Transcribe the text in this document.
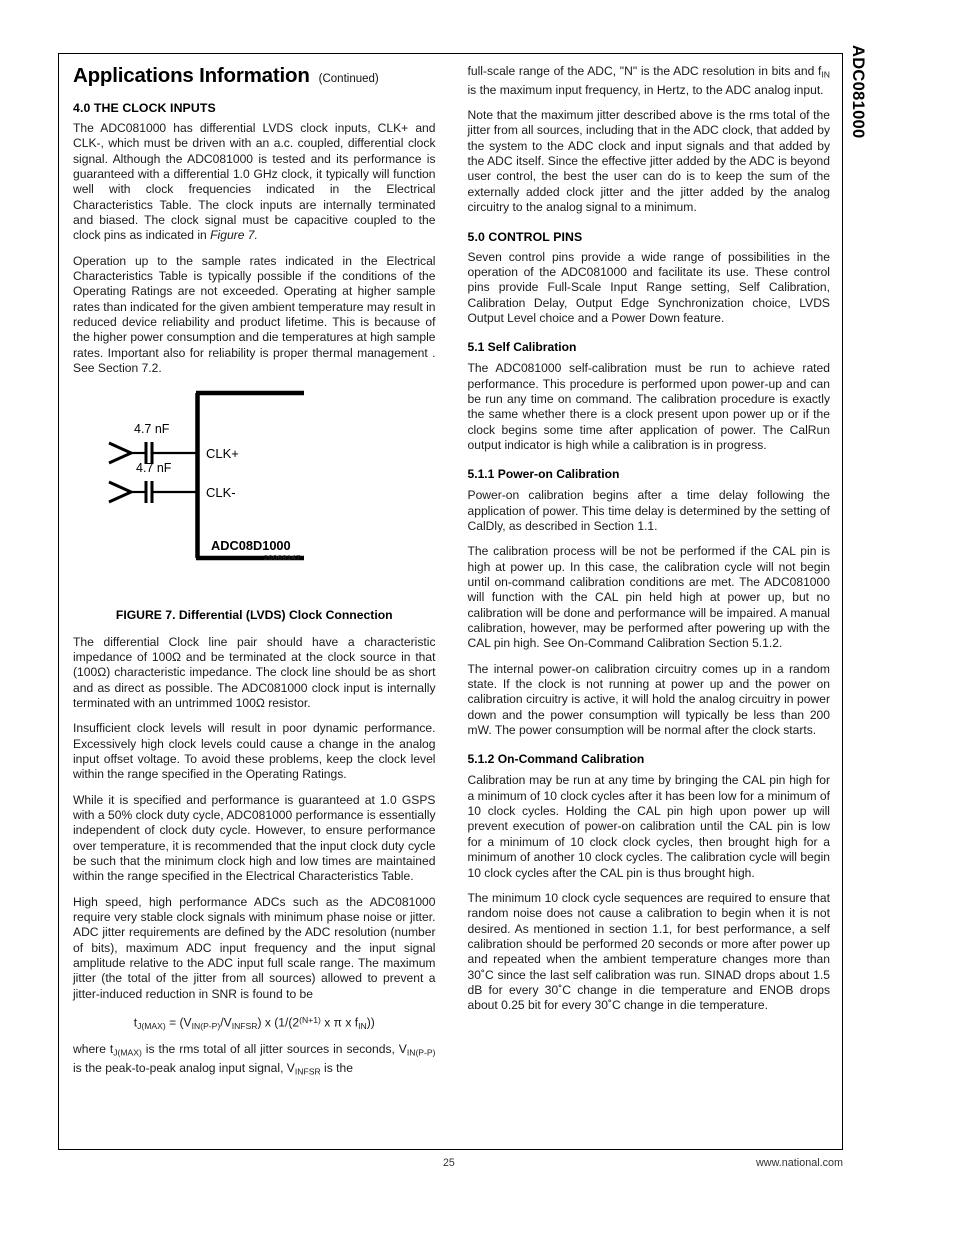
ADC081000
Applications Information (Continued)
4.0 THE CLOCK INPUTS

The ADC081000 has differential LVDS clock inputs, CLK+ and CLK-, which must be driven with an a.c. coupled, differential clock signal. Although the ADC081000 is tested and its performance is guaranteed with a differential 1.0 GHz clock, it typically will function well with clock frequencies indicated in the Electrical Characteristics Table. The clock inputs are internally terminated and biased. The clock signal must be capacitive coupled to the clock pins as indicated in Figure 7.

Operation up to the sample rates indicated in the Electrical Characteristics Table is typically possible if the conditions of the Operating Ratings are not exceeded. Operating at higher sample rates than indicated for the given ambient temperature may result in reduced device reliability and product lifetime. This is because of the higher power consumption and die temperatures at high sample rates. Important also for reliability is proper thermal management . See Section 7.2.

4.7 nF
4.7 nF
CLK+
CLK-
ADC08D1000
20068147
FIGURE 7. Differential (LVDS) Clock Connection

The differential Clock line pair should have a characteristic impedance of 100Ω and be terminated at the clock source in that (100Ω) characteristic impedance. The clock line should be as short and as direct as possible. The ADC081000 clock input is internally terminated with an untrimmed 100Ω resistor.

Insufficient clock levels will result in poor dynamic performance. Excessively high clock levels could cause a change in the analog input offset voltage. To avoid these problems, keep the clock level within the range specified in the Operating Ratings.

While it is specified and performance is guaranteed at 1.0 GSPS with a 50% clock duty cycle, ADC081000 performance is essentially independent of clock duty cycle. However, to ensure performance over temperature, it is recommended that the input clock duty cycle be such that the minimum clock high and low times are maintained within the range specified in the Electrical Characteristics Table.

High speed, high performance ADCs such as the ADC081000 require very stable clock signals with minimum phase noise or jitter. ADC jitter requirements are defined by the ADC resolution (number of bits), maximum ADC input frequency and the input signal amplitude relative to the ADC input full scale range. The maximum jitter (the total of the jitter from all sources) allowed to prevent a jitter-induced reduction in SNR is found to be

$t_{J(MAX)} = (V_{IN(P-P)}/V_{INFSR})$ x ($1/(2^{(N+1)}$ x π x $f_{IN}$))

where $t_{J(MAX)}$ is the rms total of all jitter sources in seconds, $V_{IN(P-P)}$ is the peak-to-peak analog input signal, $V_{INFSR}$ is the

full-scale range of the ADC, "N" is the ADC resolution in bits and $f_{IN}$ is the maximum input frequency, in Hertz, to the ADC analog input.

Note that the maximum jitter described above is the rms total of the jitter from all sources, including that in the ADC clock, that added by the system to the ADC clock and input signals and that added by the ADC itself. Since the effective jitter added by the ADC is beyond user control, the best the user can do is to keep the sum of the externally added clock jitter and the jitter added by the analog circuitry to the analog signal to a minimum.

5.0 CONTROL PINS

Seven control pins provide a wide range of possibilities in the operation of the ADC081000 and facilitate its use. These control pins provide Full-Scale Input Range setting, Self Calibration, Calibration Delay, Output Edge Synchronization choice, LVDS Output Level choice and a Power Down feature.

5.1 Self Calibration

The ADC081000 self-calibration must be run to achieve rated performance. This procedure is performed upon power-up and can be run any time on command. The calibration procedure is exactly the same whether there is a clock present upon power up or if the clock begins some time after application of power. The CalRun output indicator is high while a calibration is in progress.

5.1.1 Power-on Calibration

Power-on calibration begins after a time delay following the application of power. This time delay is determined by the setting of CalDly, as described in Section 1.1.

The calibration process will be not be performed if the CAL pin is high at power up. In this case, the calibration cycle will not begin until on-command calibration conditions are met. The ADC081000 will function with the CAL pin held high at power up, but no calibration will be done and performance will be impaired. A manual calibration, however, may be performed after powering up with the CAL pin high. See On-Command Calibration Section 5.1.2.

The internal power-on calibration circuitry comes up in a random state. If the clock is not running at power up and the power on calibration circuitry is active, it will hold the analog circuitry in power down and the power consumption will typically be less than 200 mW. The power consumption will be normal after the clock starts.

5.1.2 On-Command Calibration

Calibration may be run at any time by bringing the CAL pin high for a minimum of 10 clock cycles after it has been low for a minimum of 10 clock cycles. Holding the CAL pin high upon power up will prevent execution of power-on calibration until the CAL pin is low for a minimum of 10 clock clock cycles, then brought high for a minimum of another 10 clock cycles. The calibration cycle will begin 10 clock cycles after the CAL pin is thus brought high.

The minimum 10 clock cycle sequences are required to ensure that random noise does not cause a calibration to begin when it is not desired. As mentioned in section 1.1, for best performance, a self calibration should be performed 20 seconds or more after power up and repeated when the ambient temperature changes more than 30˚C since the last self calibration was run. SINAD drops about 1.5 dB for every 30˚C change in die temperature and ENOB drops about 0.25 bit for every 30˚C change in die temperature.

25	www.national.com
